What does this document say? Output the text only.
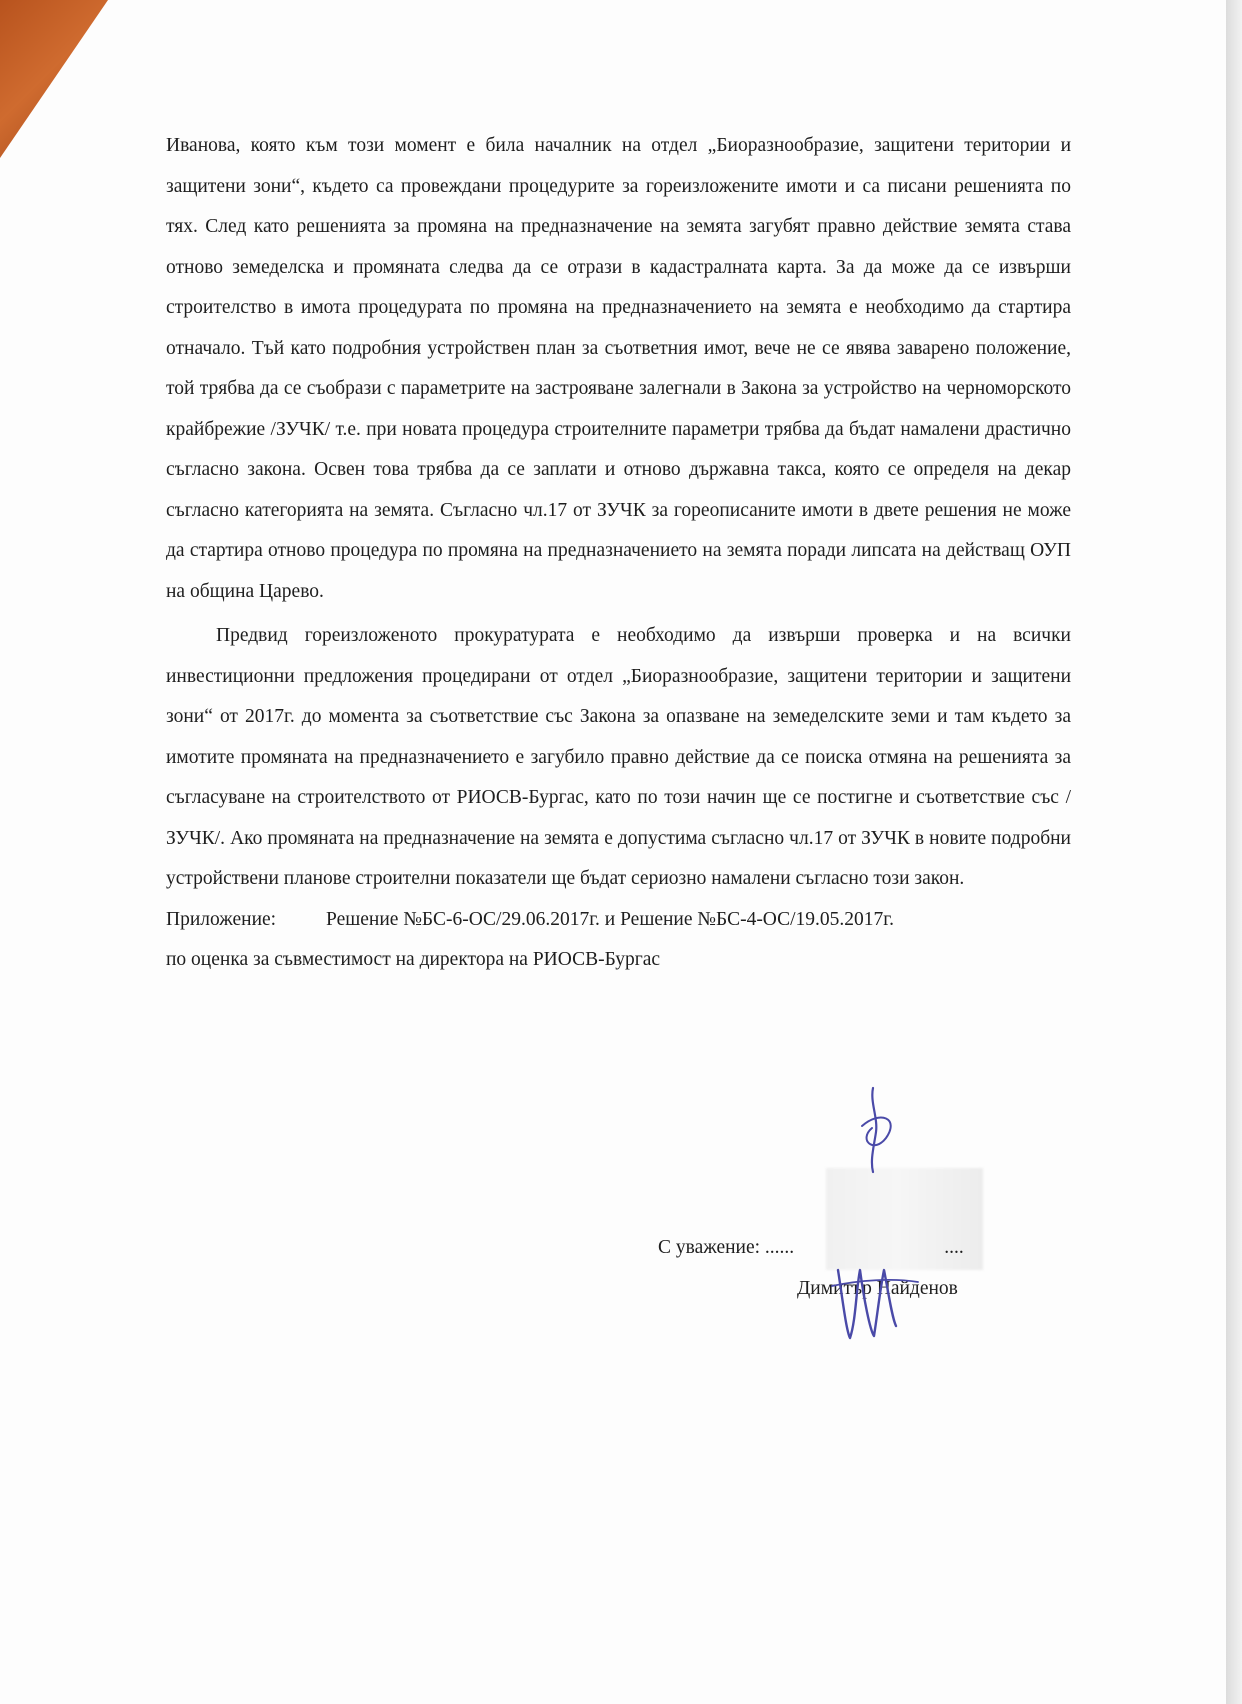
Иванова, която към този момент е била началник на отдел „Биоразнообразие, защитени територии и защитени зони“, където са провеждани процедурите за гореизложените имоти и са писани решенията по тях. След като решенията за промяна на предназначение на земята загубят правно действие земята става отново земеделска и промяната следва да се отрази в кадастралната карта. За да може да се извърши строителство в имота процедурата по промяна на предназначението на земята е необходимо да стартира отначало. Тъй като подробния устройствен план за съответния имот, вече не се явява заварено положение, той трябва да се съобрази с параметрите на застрояване залегнали в Закона за устройство на черноморското крайбрежие /ЗУЧК/ т.е. при новата процедура строителните параметри трябва да бъдат намалени драстично съгласно закона. Освен това трябва да се заплати и отново държавна такса, която се определя на декар съгласно категорията на земята. Съгласно чл.17 от ЗУЧК за гореописаните имоти в двете решения не може да стартира отново процедура по промяна на предназначението на земята поради липсата на действащ ОУП на община Царево.

Предвид гореизложеното прокуратурата е необходимо да извърши проверка и на всички инвестиционни предложения процедирани от отдел „Биоразнообразие, защитени територии и защитени зони“ от 2017г. до момента за съответствие със Закона за опазване на земеделските земи и там където за имотите промяната на предназначението е загубило правно действие да се поиска отмяна на решенията за съгласуване на строителството от РИОСВ-Бургас, като по този начин ще се постигне и съответствие със /ЗУЧК/. Ако промяната на предназначение на земята е допустима съгласно чл.17 от ЗУЧК в новите подробни устройствени планове строителни показатели ще бъдат сериозно намалени съгласно този закон.

Приложение:	Решение №БС-6-ОС/29.06.2017г. и Решение №БС-4-ОС/19.05.2017г.

по оценка за съвместимост на директора на РИОСВ-Бургас

С уважение: ......	....
Димитър Найденов
